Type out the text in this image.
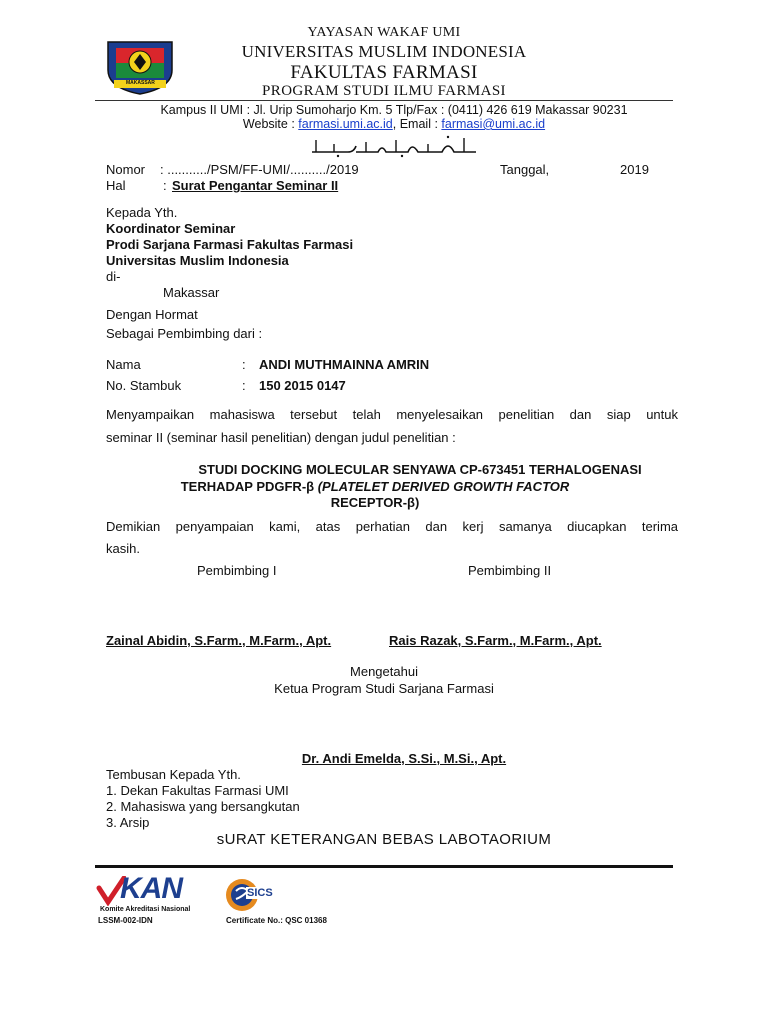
MAKASSAR
YAYASAN WAKAF UMI
UNIVERSITAS MUSLIM INDONESIA
FAKULTAS FARMASI
PROGRAM STUDI ILMU FARMASI
Kampus II UMI : Jl. Urip Sumoharjo Km. 5 Tlp/Fax : (0411) 426 619 Makassar 90231
Website : farmasi.umi.ac.id, Email : farmasi@umi.ac.id
Nomor : .........../PSM/FF-UMI/........../2019	Tanggal,	2019
Hal	: Surat Pengantar Seminar II
Kepada Yth.
Koordinator Seminar
Prodi Sarjana Farmasi Fakultas Farmasi
Universitas Muslim Indonesia
di-
Makassar
Dengan Hormat
Sebagai Pembimbing dari :
Nama	: ANDI MUTHMAINNA AMRIN
No. Stambuk	: 150 2015 0147
Menyampaikan mahasiswa tersebut telah menyelesaikan penelitian dan siap untuk
seminar II (seminar hasil penelitian) dengan judul penelitian :
STUDI DOCKING MOLECULAR SENYAWA CP-673451 TERHALOGENASI
TERHADAP PDGFR-β (PLATELET DERIVED GROWTH FACTOR
RECEPTOR-β)
Demikian penyampaian kami, atas perhatian dan kerj samanya diucapkan terima
kasih.
Pembimbing I	Pembimbing II
Zainal Abidin, S.Farm., M.Farm., Apt.	Rais Razak, S.Farm., M.Farm., Apt.
Mengetahui
Ketua Program Studi Sarjana Farmasi
Dr. Andi Emelda, S.Si., M.Si., Apt.
Tembusan Kepada Yth.
1. Dekan Fakultas Farmasi UMI
2. Mahasiswa yang bersangkutan
3. Arsip
sURAT KETERANGAN BEBAS LABOTAORIUM
KAN
Komite Akreditasi Nasional
LSSM-002-IDN
SICS
Certificate No.: QSC 01368
